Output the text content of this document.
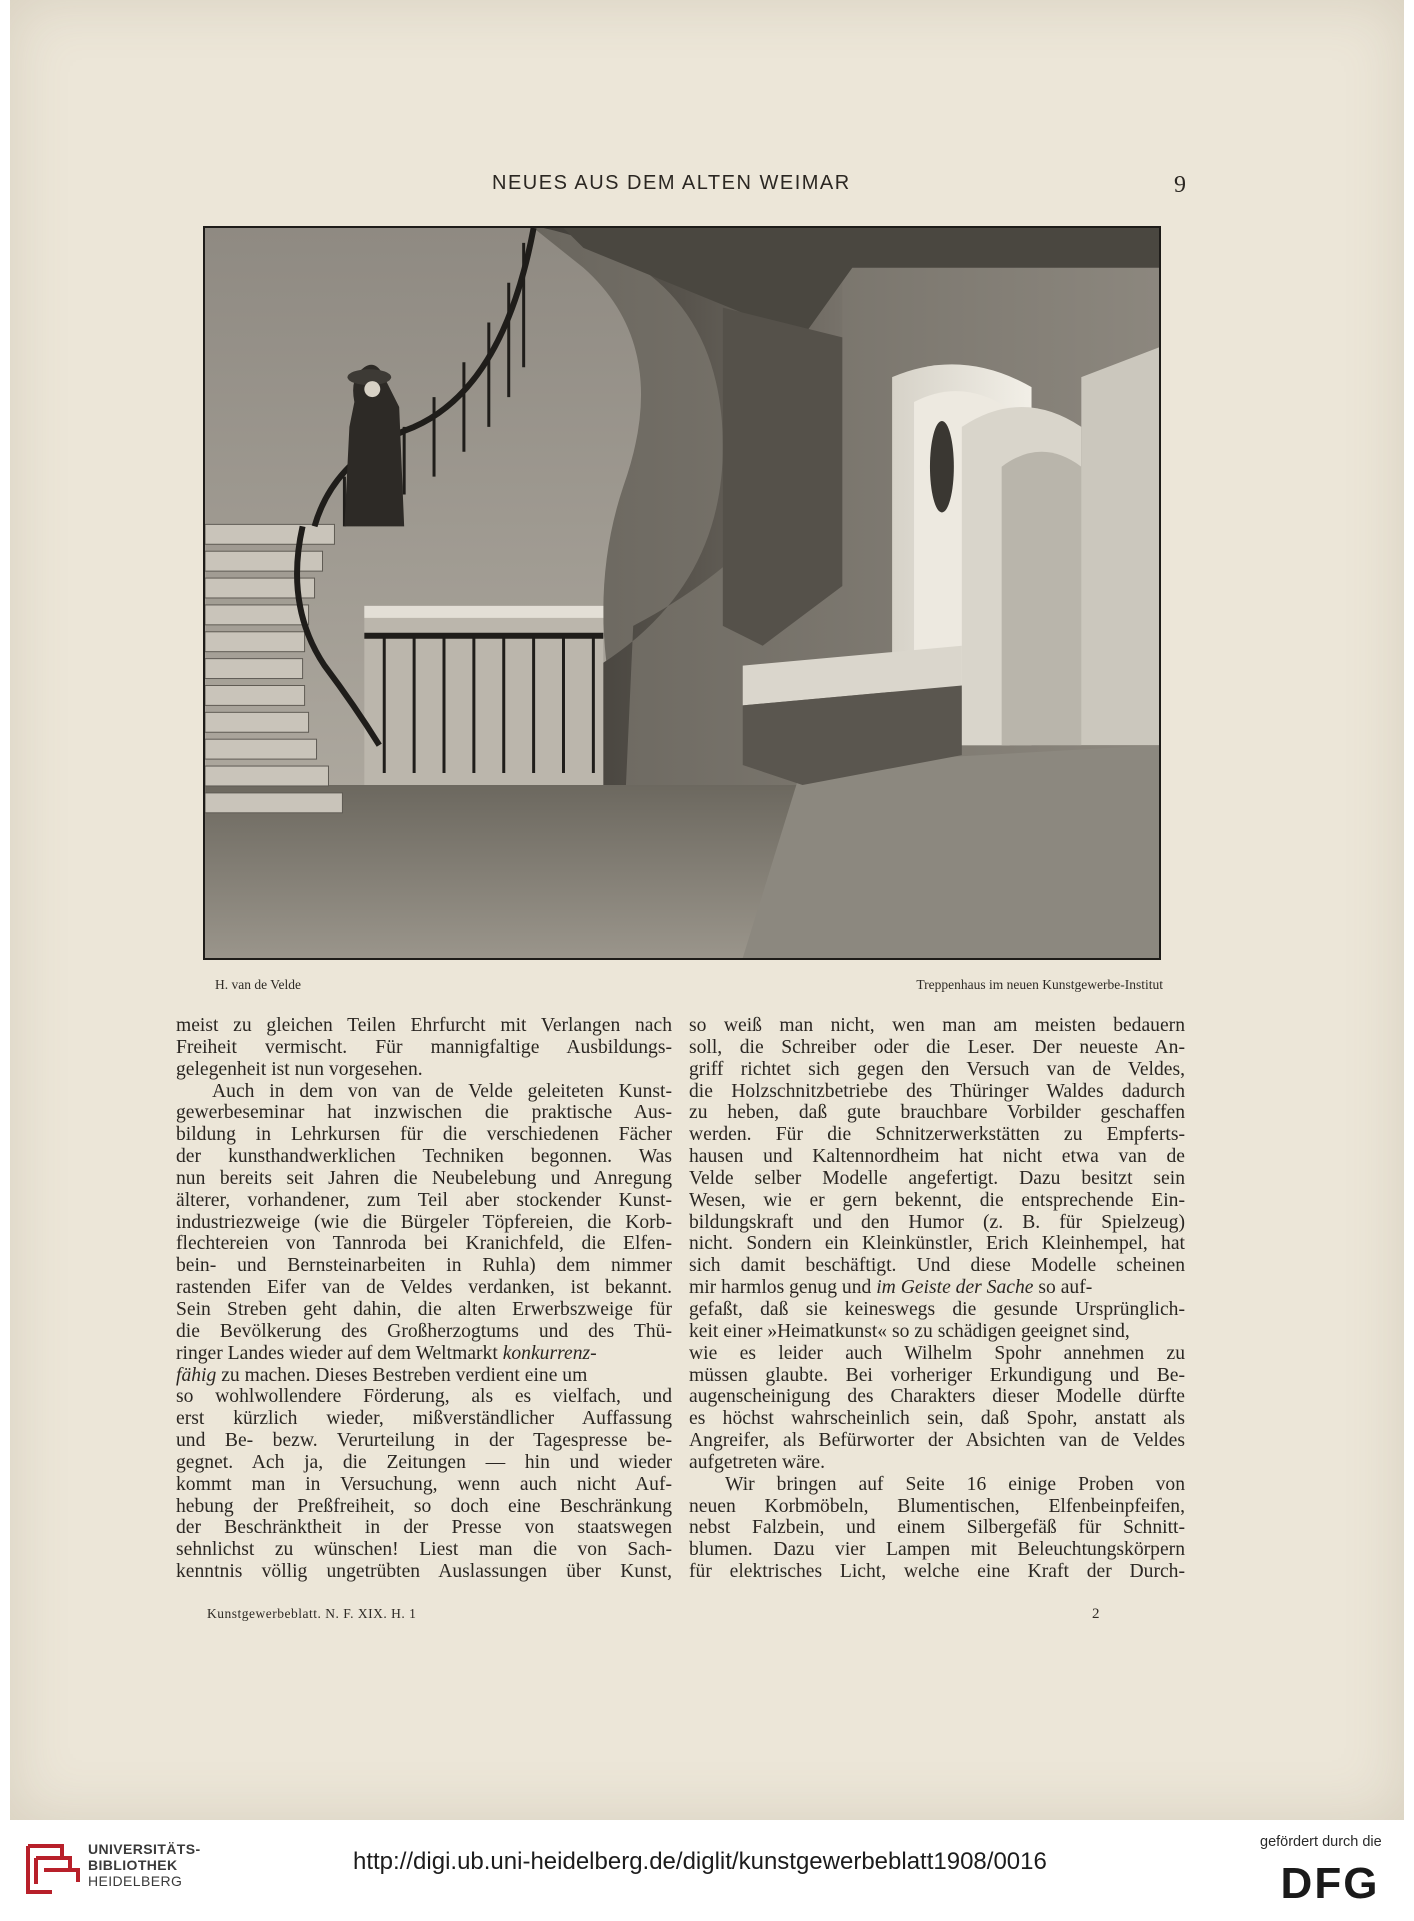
NEUES AUS DEM ALTEN WEIMAR	9
H. van de Velde	Treppenhaus im neuen Kunstgewerbe-Institut
meist zu gleichen Teilen Ehrfurcht mit Verlangen nach
Freiheit vermischt. Für mannigfaltige Ausbildungs-
gelegenheit ist nun vorgesehen.
Auch in dem von van de Velde geleiteten Kunst-
gewerbeseminar hat inzwischen die praktische Aus-
bildung in Lehrkursen für die verschiedenen Fächer
der kunsthandwerklichen Techniken begonnen. Was
nun bereits seit Jahren die Neubelebung und Anregung
älterer, vorhandener, zum Teil aber stockender Kunst-
industriezweige (wie die Bürgeler Töpfereien, die Korb-
flechtereien von Tannroda bei Kranichfeld, die Elfen-
bein- und Bernsteinarbeiten in Ruhla) dem nimmer
rastenden Eifer van de Veldes verdanken, ist bekannt.
Sein Streben geht dahin, die alten Erwerbszweige für
die Bevölkerung des Großherzogtums und des Thü-
ringer Landes wieder auf dem Weltmarkt konkurrenz-
fähig zu machen. Dieses Bestreben verdient eine um
so wohlwollendere Förderung, als es vielfach, und
erst kürzlich wieder, mißverständlicher Auffassung
und Be- bezw. Verurteilung in der Tagespresse be-
gegnet. Ach ja, die Zeitungen — hin und wieder
kommt man in Versuchung, wenn auch nicht Auf-
hebung der Preßfreiheit, so doch eine Beschränkung
der Beschränktheit in der Presse von staatswegen
sehnlichst zu wünschen! Liest man die von Sach-
kenntnis völlig ungetrübten Auslassungen über Kunst,
so weiß man nicht, wen man am meisten bedauern
soll, die Schreiber oder die Leser. Der neueste An-
griff richtet sich gegen den Versuch van de Veldes,
die Holzschnitzbetriebe des Thüringer Waldes dadurch
zu heben, daß gute brauchbare Vorbilder geschaffen
werden. Für die Schnitzerwerkstätten zu Empferts-
hausen und Kaltennordheim hat nicht etwa van de
Velde selber Modelle angefertigt. Dazu besitzt sein
Wesen, wie er gern bekennt, die entsprechende Ein-
bildungskraft und den Humor (z. B. für Spielzeug)
nicht. Sondern ein Kleinkünstler, Erich Kleinhempel, hat
sich damit beschäftigt. Und diese Modelle scheinen
mir harmlos genug und im Geiste der Sache so auf-
gefaßt, daß sie keineswegs die gesunde Ursprünglich-
keit einer »Heimatkunst« so zu schädigen geeignet sind,
wie es leider auch Wilhelm Spohr annehmen zu
müssen glaubte. Bei vorheriger Erkundigung und Be-
augenscheinigung des Charakters dieser Modelle dürfte
es höchst wahrscheinlich sein, daß Spohr, anstatt als
Angreifer, als Befürworter der Absichten van de Veldes
aufgetreten wäre.
Wir bringen auf Seite 16 einige Proben von
neuen Korbmöbeln, Blumentischen, Elfenbeinpfeifen,
nebst Falzbein, und einem Silbergefäß für Schnitt-
blumen. Dazu vier Lampen mit Beleuchtungskörpern
für elektrisches Licht, welche eine Kraft der Durch-
Kunstgewerbeblatt. N. F. XIX. H. 1	2
UNIVERSITÄTS-
BIBLIOTHEK
HEIDELBERG
http://digi.ub.uni-heidelberg.de/diglit/kunstgewerbeblatt1908/0016
gefördert durch die
DFG
